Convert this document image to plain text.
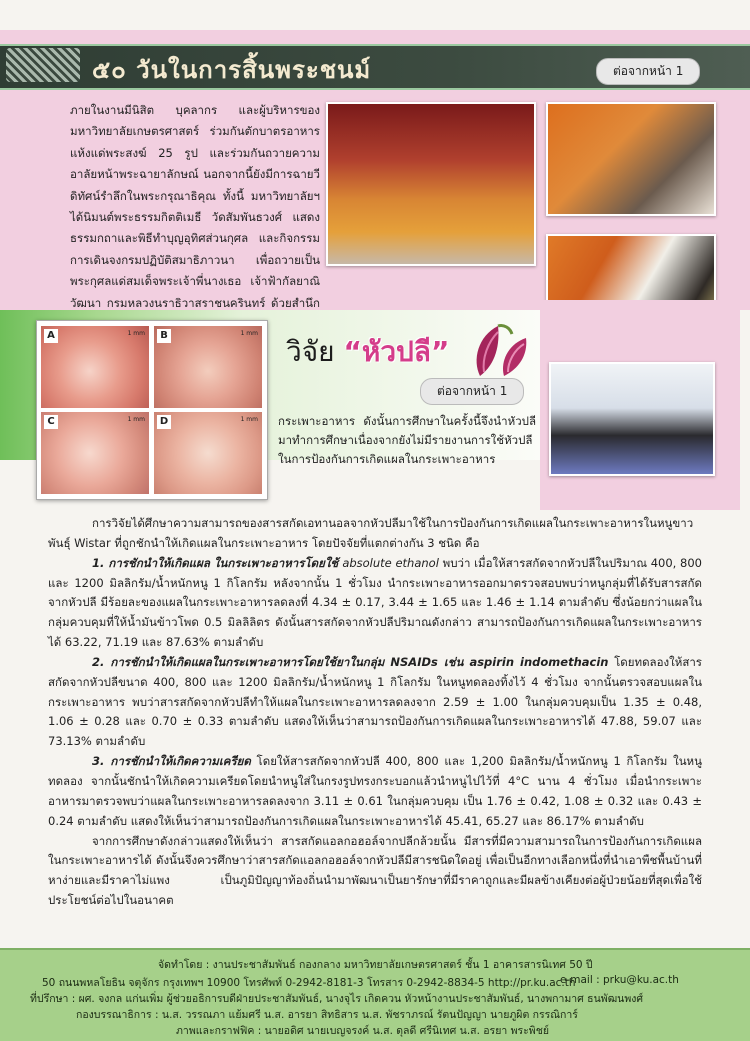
๕๐ วันในการสิ้นพระชนม์	ต่อจากหน้า 1
ภายในงานมีนิสิต บุคลากร และผู้บริหารของมหาวิทยาลัยเกษตรศาสตร์ ร่วมกันตักบาตรอาหารแห้งแด่พระสงฆ์ 25 รูป และร่วมกันถวายความอาลัยหน้าพระฉายาลักษณ์ นอกจากนี้ยังมีการฉายวีดิทัศน์รำลึกในพระกรุณาธิคุณ ทั้งนี้ มหาวิทยาลัยฯ ได้นิมนต์พระธรรมกิตติเมธี วัดสัมพันธวงศ์ แสดงธรรมกถาและพิธีทำบุญอุทิศส่วนกุศล และกิจกรรมการเดินจงกรมปฏิบัติสมาธิภาวนา เพื่อถวายเป็นพระกุศลแด่สมเด็จพระเจ้าพี่นางเธอ เจ้าฟ้ากัลยาณิวัฒนา กรมหลวงนราธิวาสราชนครินทร์ ด้วยสำนึก
A	1 mm	B	1 mm
C	1 mm D	1 mm
วิจัย “หัวปลี”
ต่อจากหน้า 1
กระเพาะอาหาร ดังนั้นการศึกษาในครั้งนี้จึงนำหัวปลีมาทำการศึกษาเนื่องจากยังไม่มีรายงานการใช้หัวปลีในการป้องกันการเกิดแผลในกระเพาะอาหาร

การวิจัยได้ศึกษาความสามารถของสารสกัดเอทานอลจากหัวปลีมาใช้ในการป้องกันการเกิดแผลในกระเพาะอาหารในหนูขาวพันธุ์ Wistar ที่ถูกชักนำให้เกิดแผลในกระเพาะอาหาร โดยปัจจัยที่แตกต่างกัน 3 ชนิด คือ

1. การชักนำให้เกิดแผล ในกระเพาะอาหารโดยใช้ absolute ethanol พบว่า เมื่อให้สารสกัดจากหัวปลีในปริมาณ 400, 800 และ 1200 มิลลิกรัม/น้ำหนักหนู 1 กิโลกรัม หลังจากนั้น 1 ชั่วโมง นำกระเพาะอาหารออกมาตรวจสอบพบว่าหนูกลุ่มที่ได้รับสารสกัดจากหัวปลี มีร้อยละของแผลในกระเพาะอาหารลดลงที่ 4.34 ± 0.17, 3.44 ± 1.65 และ 1.46 ± 1.14 ตามลำดับ ซึ่งน้อยกว่าแผลในกลุ่มควบคุมที่ให้น้ำมันข้าวโพด 0.5 มิลลิลิตร ดังนั้นสารสกัดจากหัวปลีปริมาณดังกล่าว สามารถป้องกันการเกิดแผลในกระเพาะอาหารได้ 63.22, 71.19 และ 87.63% ตามลำดับ

2. การชักนำให้เกิดแผลในกระเพาะอาหารโดยใช้ยาในกลุ่ม NSAIDs เช่น aspirin indomethacin โดยทดลองให้สารสกัดจากหัวปลีขนาด 400, 800 และ 1200 มิลลิกรัม/น้ำหนักหนู 1 กิโลกรัม ในหนูทดลองทิ้งไว้ 4 ชั่วโมง จากนั้นตรวจสอบแผลในกระเพาะอาหาร พบว่าสารสกัดจากหัวปลีทำให้แผลในกระเพาะอาหารลดลงจาก 2.59 ± 1.00 ในกลุ่มควบคุมเป็น 1.35 ± 0.48, 1.06 ± 0.28 และ 0.70 ± 0.33 ตามลำดับ แสดงให้เห็นว่าสามารถป้องกันการเกิดแผลในกระเพาะอาหารได้ 47.88, 59.07 และ 73.13% ตามลำดับ

3. การชักนำให้เกิดความเครียด โดยให้สารสกัดจากหัวปลี 400, 800 และ 1,200 มิลลิกรัม/น้ำหนักหนู 1 กิโลกรัม ในหนูทดลอง จากนั้นชักนำให้เกิดความเครียดโดยนำหนูใส่ในกรงรูปทรงกระบอกแล้วนำหนูไปไว้ที่ 4°C นาน 4 ชั่วโมง เมื่อนำกระเพาะอาหารมาตรวจพบว่าแผลในกระเพาะอาหารลดลงจาก 3.11 ± 0.61 ในกลุ่มควบคุม เป็น 1.76 ± 0.42, 1.08 ± 0.32 และ 0.43 ± 0.24 ตามลำดับ แสดงให้เห็นว่าสามารถป้องกันการเกิดแผลในกระเพาะอาหารได้ 45.41, 65.27 และ 86.17% ตามลำดับ

จากการศึกษาดังกล่าวแสดงให้เห็นว่า สารสกัดแอลกอฮอล์จากปลีกล้วยนั้น มีสารที่มีความสามารถในการป้องกันการเกิดแผลในกระเพาะอาหารได้ ดังนั้นจึงควรศึกษาว่าสารสกัดแอลกอฮอล์จากหัวปลีมีสารชนิดใดอยู่ เพื่อเป็นอีกทางเลือกหนึ่งที่นำเอาพืชพื้นบ้านที่หาง่ายและมีราคาไม่แพง เป็นภูมิปัญญาท้องถิ่นนำมาพัฒนาเป็นยารักษาที่มีราคาถูกและมีผลข้างเคียงต่อผู้ป่วยน้อยที่สุดเพื่อใช้ประโยชน์ต่อไปในอนาคต

จัดทำโดย : งานประชาสัมพันธ์ กองกลาง มหาวิทยาลัยเกษตรศาสตร์ ชั้น 1 อาคารสารนิเทศ 50 ปี
50 ถนนพหลโยธิน จตุจักร กรุงเทพฯ 10900 โทรศัพท์ 0-2942-8181-3 โทรสาร 0-2942-8834-5 http://pr.ku.ac.th
e-mail : prku@ku.ac.th
ที่ปรึกษา : ผศ. จงกล แก่นเพิ่ม ผู้ช่วยอธิการบดีฝ่ายประชาสัมพันธ์, นางจุไร เกิดควน หัวหน้างานประชาสัมพันธ์, นางพกามาศ ธนพัฒนพงศ์
กองบรรณาธิการ : น.ส. วรรณภา แย้มศรี น.ส. อารยา สิทธิสาร น.ส. พัชราภรณ์ รัตนปัญญา นายภูผิต กรรณิการ์
ภาพและกราฟฟิค : นายอดิศ นายเบญจรงค์ น.ส. ดุลดี ศรีนิเทศ น.ส. อรยา พระพิชย์
